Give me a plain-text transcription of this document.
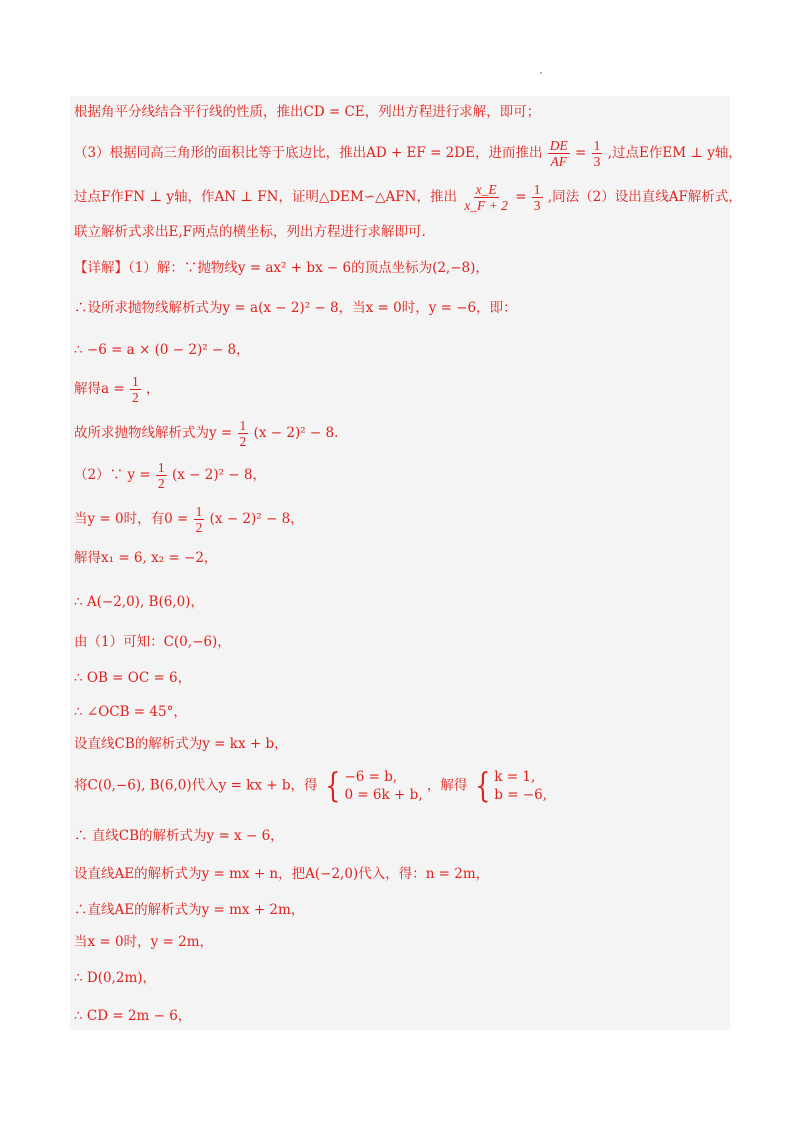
根据角平分线结合平行线的性质，推出CD = CE，列出方程进行求解，即可；
（3）根据同高三角形的面积比等于底边比，推出AD + EF = 2DE，进而推出 $\frac{DE}{AF} = \frac{1}{3}$ ,过点E作EM ⊥ y轴，
过点F作FN ⊥ y轴，作AN ⊥ FN，证明△DEM∽△AFN，推出 $\frac{x\_E}{x\_F + 2} = \frac{1}{3}$ ,同法（2）设出直线AF解析式，
联立解析式求出E,F两点的横坐标，列出方程进行求解即可.
【详解】（1）解：∵抛物线y = ax² + bx − 6的顶点坐标为(2,−8)，
∴设所求抛物线解析式为y = a(x − 2)² − 8，当x = 0时，y = −6，即：
∴ −6 = a × (0 − 2)² − 8，
解得$a = \frac{1}{2}$ ，
故所求抛物线解析式为$y = \frac{1}{2} (x - 2)^2 - 8$.
（2）∵ $y = \frac{1}{2} (x - 2)^2 - 8$，
当y = 0时，有$0 = \frac{1}{2} (x - 2)^2 - 8$，
解得x₁ = 6, x₂ = −2，
∴ A(−2,0), B(6,0)，
由（1）可知：C(0,−6)，
∴ OB = OC = 6，
∴ ∠OCB = 45°，
设直线CB的解析式为y = kx + b，
将C(0,−6), B(6,0)代入y = kx + b，得 { −6 = b,
0 = 6k + b,
，解得 { k = 1,
b = −6,
∴ 直线CB的解析式为y = x − 6，
设直线AE的解析式为y = mx + n，把A(−2,0)代入，得：n = 2m，
∴直线AE的解析式为y = mx + 2m，
当x = 0时，y = 2m，
∴ D(0,2m)，
∴ CD = 2m − 6，
